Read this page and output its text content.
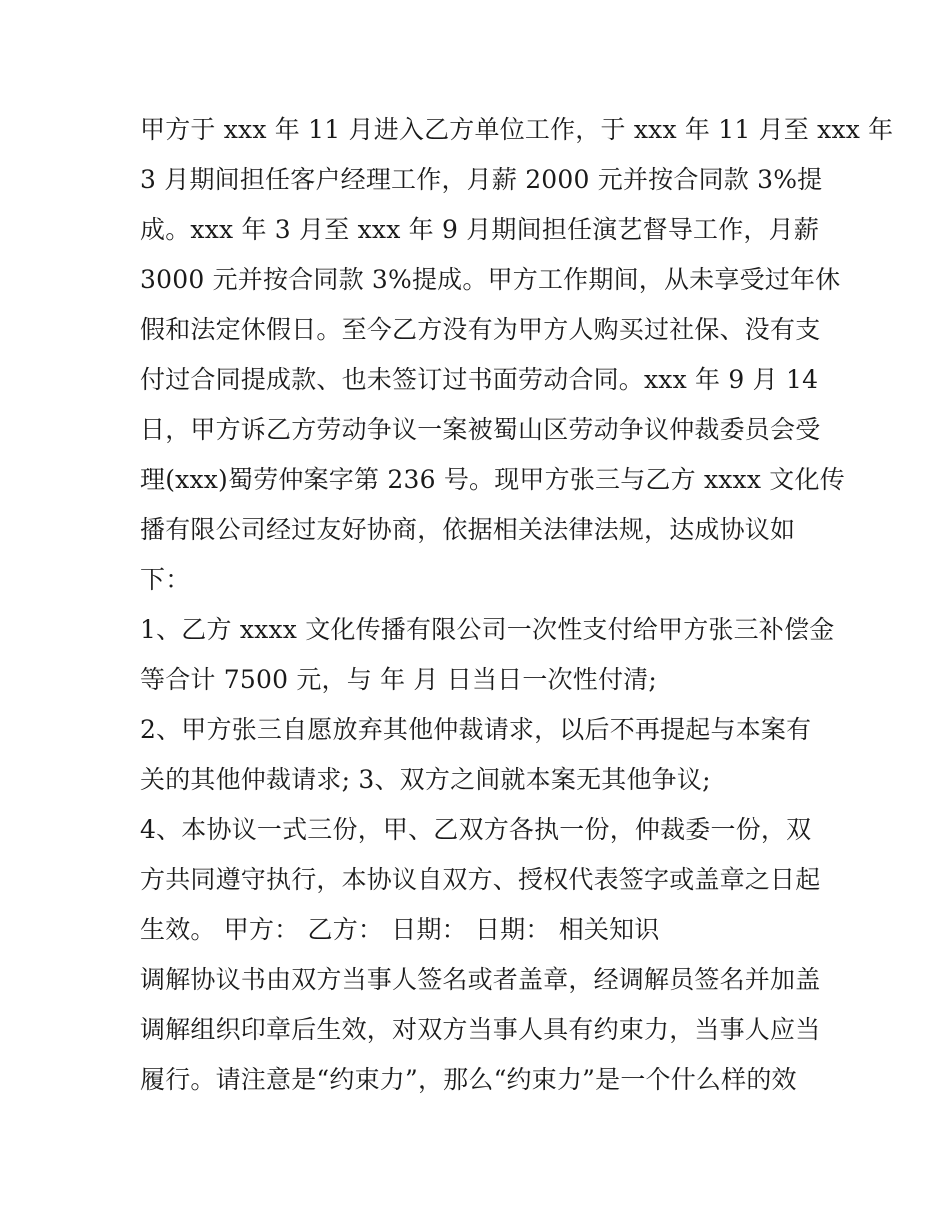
甲方于 xxx 年 11 月进入乙方单位工作，于 xxx 年 11 月至 xxx 年

3 月期间担任客户经理工作，月薪 2000 元并按合同款 3%提

成。xxx 年 3 月至 xxx 年 9 月期间担任演艺督导工作，月薪

3000 元并按合同款 3%提成。甲方工作期间，从未享受过年休

假和法定休假日。至今乙方没有为甲方人购买过社保、没有支

付过合同提成款、也未签订过书面劳动合同。xxx 年 9 月 14

日，甲方诉乙方劳动争议一案被蜀山区劳动争议仲裁委员会受

理(xxx)蜀劳仲案字第 236 号。现甲方张三与乙方 xxxx 文化传

播有限公司经过友好协商，依据相关法律法规，达成协议如

下：

1、乙方 xxxx 文化传播有限公司一次性支付给甲方张三补偿金

等合计 7500 元，与 年 月 日当日一次性付清;

2、甲方张三自愿放弃其他仲裁请求，以后不再提起与本案有

关的其他仲裁请求; 3、双方之间就本案无其他争议;

4、本协议一式三份，甲、乙双方各执一份，仲裁委一份，双

方共同遵守执行，本协议自双方、授权代表签字或盖章之日起

生效。 甲方： 乙方： 日期： 日期： 相关知识

调解协议书由双方当事人签名或者盖章，经调解员签名并加盖

调解组织印章后生效，对双方当事人具有约束力，当事人应当

履行。请注意是“约束力”，那么“约束力”是一个什么样的效
